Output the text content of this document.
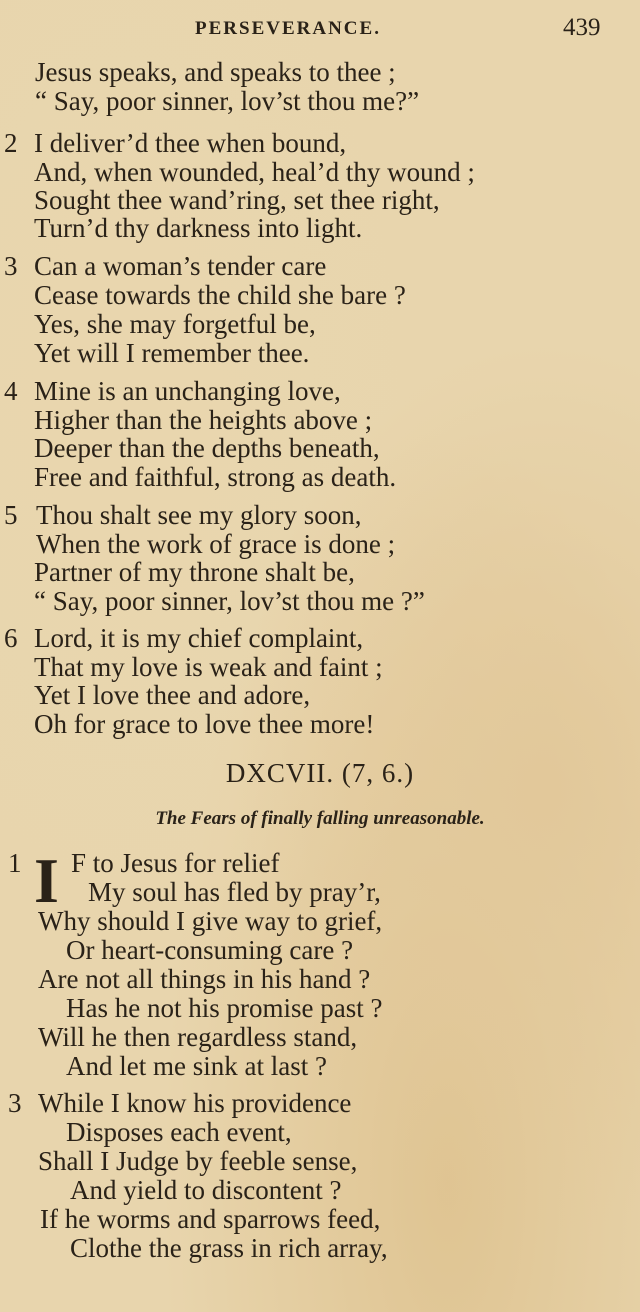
PERSEVERANCE.	439
Jesus speaks, and speaks to thee ;
“ Say, poor sinner, lov’st thou me?”
2 I deliver’d thee when bound,
And, when wounded, heal’d thy wound ;
Sought thee wand’ring, set thee right,
Turn’d thy darkness into light.
3 Can a woman’s tender care
Cease towards the child she bare ?
Yes, she may forgetful be,
Yet will I remember thee.
4 Mine is an unchanging love,
Higher than the heights above ;
Deeper than the depths beneath,
Free and faithful, strong as death.
5 Thou shalt see my glory soon,
When the work of grace is done ;
Partner of my throne shalt be,
“ Say, poor sinner, lov’st thou me ?”
6 Lord, it is my chief complaint,
That my love is weak and faint ;
Yet I love thee and adore,
Oh for grace to love thee more!
DXCVII. (7, 6.)
The Fears of finally falling unreasonable.
1 I F to Jesus for relief
My soul has fled by pray’r,
Why should I give way to grief,
Or heart-consuming care ?
Are not all things in his hand ?
Has he not his promise past ?
Will he then regardless stand,
And let me sink at last ?
3 While I know his providence
Disposes each event,
Shall I Judge by feeble sense,
And yield to discontent ?
If he worms and sparrows feed,
Clothe the grass in rich array,
